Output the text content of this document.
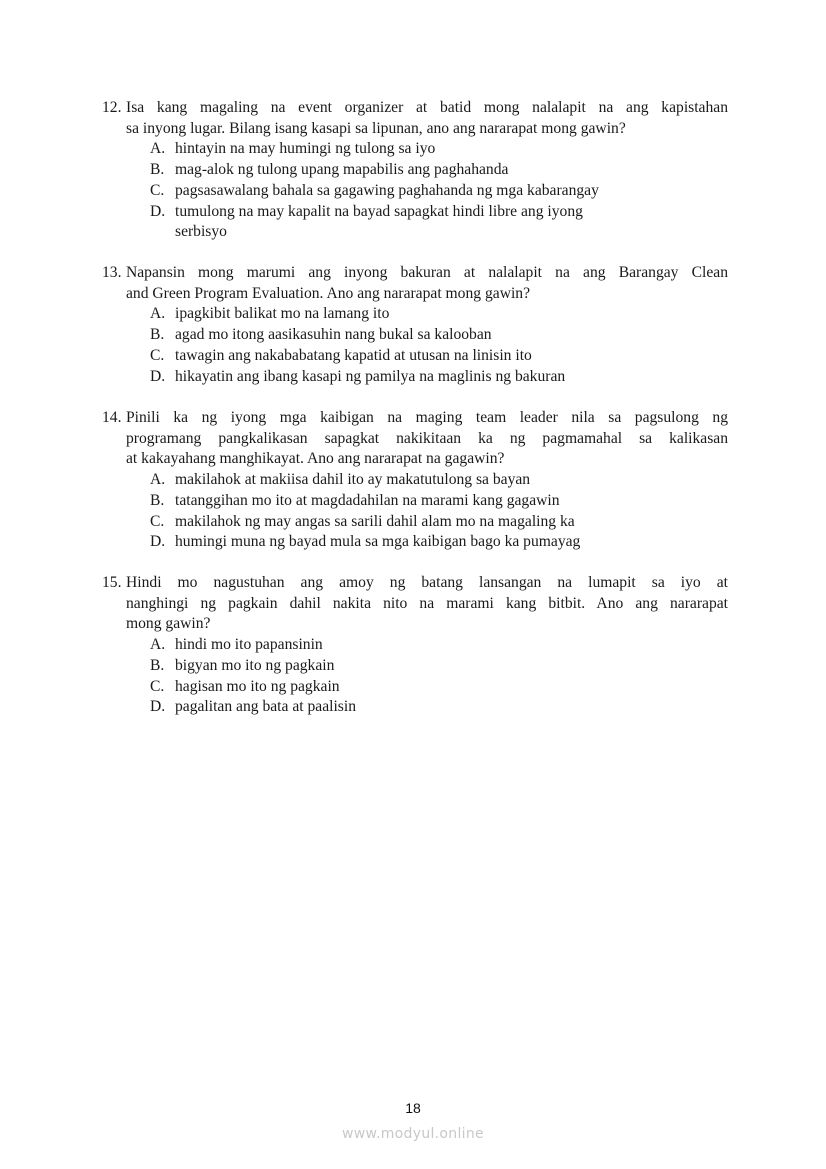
12. Isa kang magaling na event organizer at batid mong nalalapit na ang kapistahan
sa inyong lugar. Bilang isang kasapi sa lipunan, ano ang nararapat mong gawin?
A. hintayin na may humingi ng tulong sa iyo
B. mag-alok ng tulong upang mapabilis ang paghahanda
C. pagsasawalang bahala sa gagawing paghahanda ng mga kabarangay
D. tumulong na may kapalit na bayad sapagkat hindi libre ang iyong
serbisyo
13. Napansin mong marumi ang inyong bakuran at nalalapit na ang Barangay Clean
and Green Program Evaluation. Ano ang nararapat mong gawin?
A. ipagkibit balikat mo na lamang ito
B. agad mo itong aasikasuhin nang bukal sa kalooban
C. tawagin ang nakababatang kapatid at utusan na linisin ito
D. hikayatin ang ibang kasapi ng pamilya na maglinis ng bakuran
14. Pinili ka ng iyong mga kaibigan na maging team leader nila sa pagsulong ng
programang pangkalikasan sapagkat nakikitaan ka ng pagmamahal sa kalikasan
at kakayahang manghikayat. Ano ang nararapat na gagawin?
A. makilahok at makiisa dahil ito ay makatutulong sa bayan
B. tatanggihan mo ito at magdadahilan na marami kang gagawin
C. makilahok ng may angas sa sarili dahil alam mo na magaling ka
D. humingi muna ng bayad mula sa mga kaibigan bago ka pumayag
15. Hindi mo nagustuhan ang amoy ng batang lansangan na lumapit sa iyo at
nanghingi ng pagkain dahil nakita nito na marami kang bitbit. Ano ang nararapat
mong gawin?
A. hindi mo ito papansinin
B. bigyan mo ito ng pagkain
C. hagisan mo ito ng pagkain
D. pagalitan ang bata at paalisin
18
www.modyul.online
